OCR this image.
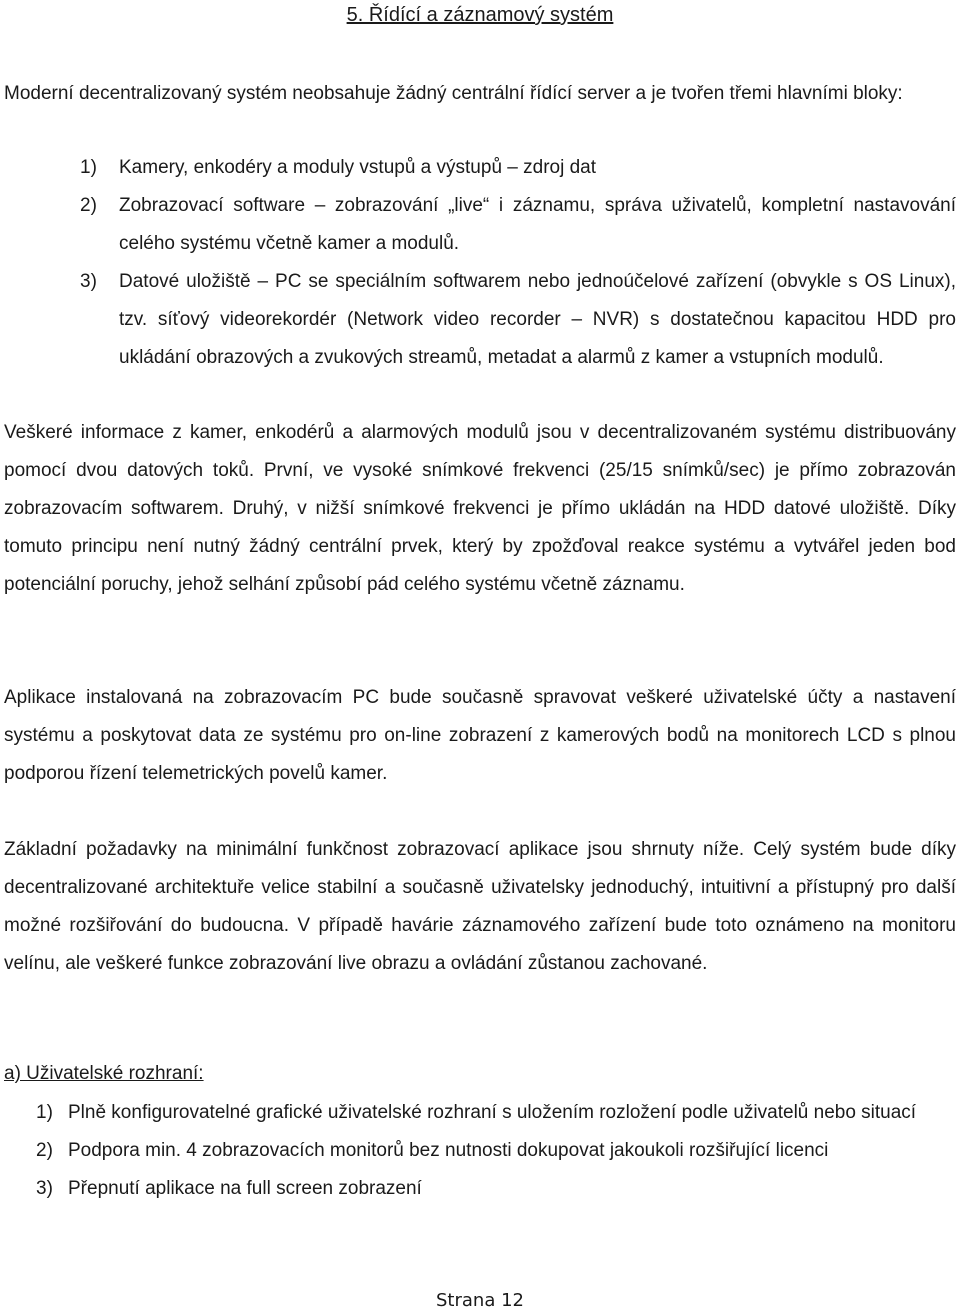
5. Řídící a záznamový systém

Moderní decentralizovaný systém neobsahuje žádný centrální řídící server a je tvořen třemi hlavními bloky:

1)	Kamery, enkodéry a moduly vstupů a výstupů – zdroj dat
2)	Zobrazovací software – zobrazování „live“ i záznamu, správa uživatelů, kompletní nastavování celého systému včetně kamer a modulů.
3)	Datové uložiště – PC se speciálním softwarem nebo jednoúčelové zařízení (obvykle s OS Linux), tzv. síťový videorekordér (Network video recorder – NVR) s dostatečnou kapacitou HDD pro ukládání obrazových a zvukových streamů, metadat a alarmů z kamer a vstupních modulů.

Veškeré informace z kamer, enkodérů a alarmových modulů jsou v decentralizovaném systému distribuovány pomocí dvou datových toků. První, ve vysoké snímkové frekvenci (25/15 snímků/sec) je přímo zobrazován zobrazovacím softwarem. Druhý, v nižší snímkové frekvenci je přímo ukládán na HDD datové uložiště. Díky tomuto principu není nutný žádný centrální prvek, který by zpožďoval reakce systému a vytvářel jeden bod potenciální poruchy, jehož selhání způsobí pád celého systému včetně záznamu.

Aplikace instalovaná na zobrazovacím PC bude současně spravovat veškeré uživatelské účty a nastavení systému a poskytovat data ze systému pro on-line zobrazení z kamerových bodů na monitorech LCD s plnou podporou řízení telemetrických povelů kamer.

Základní požadavky na minimální funkčnost zobrazovací aplikace jsou shrnuty níže. Celý systém bude díky decentralizované architektuře velice stabilní a současně uživatelsky jednoduchý, intuitivní a přístupný pro další možné rozšiřování do budoucna. V případě havárie záznamového zařízení bude toto oznámeno na monitoru velínu, ale veškeré funkce zobrazování live obrazu a ovládání zůstanou zachované.

a) Uživatelské rozhraní:

1) Plně konfigurovatelné grafické uživatelské rozhraní s uložením rozložení podle uživatelů nebo situací
2) Podpora min. 4 zobrazovacích monitorů bez nutnosti dokupovat jakoukoli rozšiřující licenci
3) Přepnutí aplikace na full screen zobrazení
Strana 12
